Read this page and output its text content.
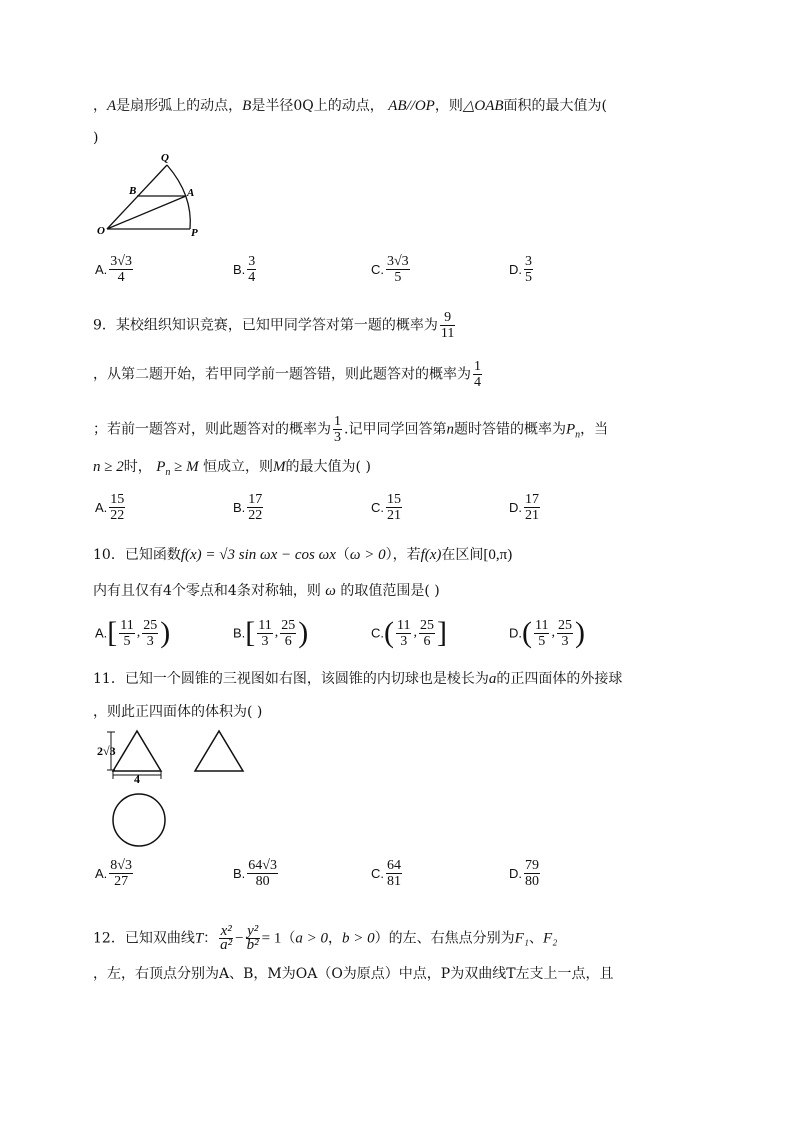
，A是扇形弧上的动点，B是半径0Q上的动点， AB//OP，则△OAB面积的最大值为(
)
Q
B	A
O	P
A. $\frac{3√3}{4}$	B. $\frac{3}{4}$	C. $\frac{3√3}{5}$	D. $\frac{3}{5}$
9．某校组织知识竞赛，已知甲同学答对第一题的概率为 $\frac{9}{11}$
，从第二题开始，若甲同学前一题答错，则此题答对的概率为 $\frac{1}{4}$
；若前一题答对，则此题答对的概率为 $\frac{1}{3}$ .记甲同学回答第n题时答错的概率为$P_n$，当
n ≥ 2时， $P_n \ge M$ 恒成立，则M的最大值为( )
A. $\frac{15}{22}$	B. $\frac{17}{22}$	C. $\frac{15}{21}$	D. $\frac{17}{21}$
10．已知函数f(x) = √3 sin ωx − cos ωx（ω > 0），若f(x)在区间[0,π)
内有且仅有4个零点和4条对称轴，则 ω 的取值范围是( )
$A.[ \frac{11}{5}$ , $\frac{25}{3}$ )	$B.[ \frac{11}{3}$ , $\frac{25}{6}$ )	$C.( \frac{11}{3}$ , $\frac{25}{6}$ ]	$D.( \frac{11}{5}$ , $\frac{25}{3}$ )
11．已知一个圆锥的三视图如右图，该圆锥的内切球也是棱长为a的正四面体的外接球
，则此正四面体的体积为( )
2√3
4
A. $\frac{8√3}{27}$	B. $\frac{64√3}{80}$	C. $\frac{64}{81}$	D. $\frac{79}{80}$
12．已知双曲线T： $\frac{\text{x²}}{\text{a²}} - \frac{\text{y²}}{\text{b²}} = 1(a > 0$，b > 0）的左、右焦点分别为F₁、F₂
，左，右顶点分别为A、B，M为OA（O为原点）中点，P为双曲线T左支上一点，且
